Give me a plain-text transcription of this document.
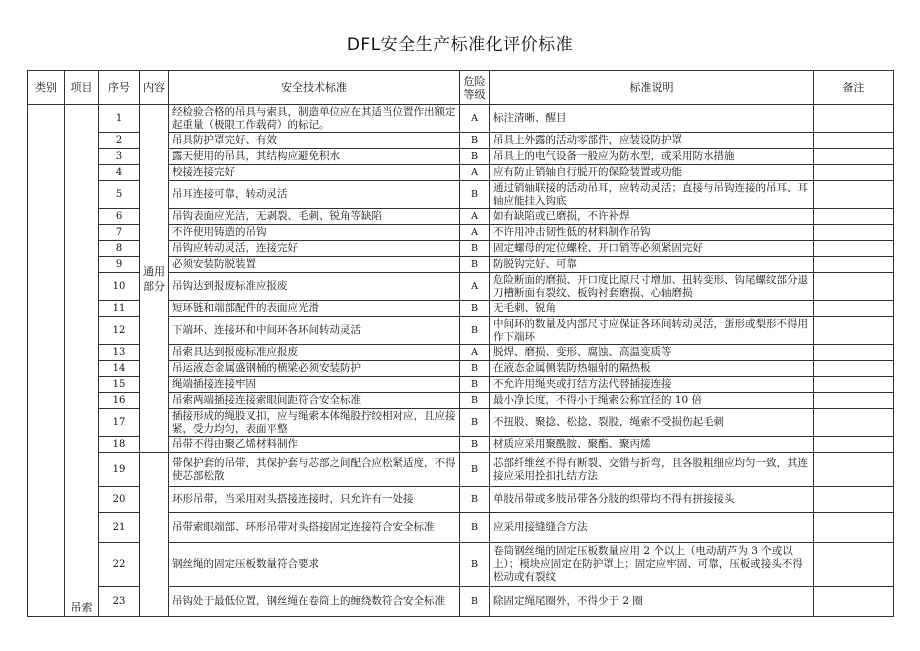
DFL安全生产标准化评价标准
类别	项目	序号	内容	安全技术标准	危险等级	标准说明	备注
	吊索	1	通用部分	经检验合格的吊具与索具，制造单位应在其适当位置作出额定起重量（极限工作载荷）的标记。	A	标注清晰、醒目	
		2		吊具防护罩完好、有效	B	吊具上外露的活动零部件，应装设防护罩	
		3		露天使用的吊具，其结构应避免积水	B	吊具上的电气设备一般应为防水型，或采用防水措施	
		4		校接连接完好	A	应有防止销轴自行脱开的保险装置或功能	
		5		吊耳连接可靠，转动灵活	B	通过销轴联接的活动吊耳，应转动灵活；直接与吊钩连接的吊耳、耳轴应能挂入钩底	
		6		吊钩表面应光洁，无剥裂、毛刺、锐角等缺陷	A	如有缺陷或已磨损，不许补焊	
		7		不许使用铸造的吊钩	A	不许用冲击韧性低的材料制作吊钩	
		8		吊钩应转动灵活，连接完好	B	固定螺母的定位螺栓、开口销等必须紧固完好	
		9		必须安装防脱装置	B	防脱钩完好、可靠	
		10		吊钩达到报废标准应报废	A	危险断面的磨损、开口度比原尺寸增加、扭转变形、钩尾螺纹部分退刀槽断面有裂纹、板钩衬套磨损、心轴磨损	
		11		短环链和端部配件的表面应光滑	B	无毛刺、锐角	
		12		下端环、连接环和中间环各环间转动灵活	B	中间环的数量及内部尺寸应保证各环间转动灵活，蛋形或梨形不得用作下端环	
		13		吊索具达到报废标准应报废	A	脱焊、磨损、变形、腐蚀、高温变质等	
		14		吊运液态金属盛钢桶的横梁必须安装防护	B	在液态金属侧装防热辐射的隔热板	
		15		绳端插接连接牢固	B	不允许用绳夹或打结方法代替插接连接	
		16		吊索两端插接连接索眼间距符合安全标准	B	最小净长度，不得小于绳索公称宜径的 10 倍	
		17		插接形成的绳股叉扣，应与绳索本体绳股拧绞相对应，且应接紧，受力均匀，表面平整	B	不扭股、聚捻、松捻、裂股，绳索不受损伤起毛刺	
		18		吊带不得由聚乙烯材料制作	B	材质应采用聚酰胺、聚酯、聚丙烯	
		19		带保护套的吊带，其保护套与芯部之间配合应松紧适度，不得使芯部松散	B	芯部纤维丝不得有断裂、交错与折弯，且各股粗细应均匀一致，其连接应采用拴扣扎结方法	
		20		环形吊带，当采用对头搭接连接时，只允许有一处接	B	单肢吊带或多肢吊带各分肢的织带均不得有拼接接头	
		21		吊带索眼端部、环形吊带对头搭接固定连接符合安全标准	B	应采用接缝缝合方法	
		22		钢丝绳的固定压板数量符合要求	B	卷筒钢丝绳的固定压板数量应用 2 个以上（电动葫芦为 3 个或以上）；模块应固定在防护罩上；固定应牢固、可靠，压板或接头不得松动或有裂纹	
		23		吊钩处于最低位置，钢丝绳在卷筒上的缠绕数符合安全标准	B	除固定绳尾圈外，不得少于 2 圈	
